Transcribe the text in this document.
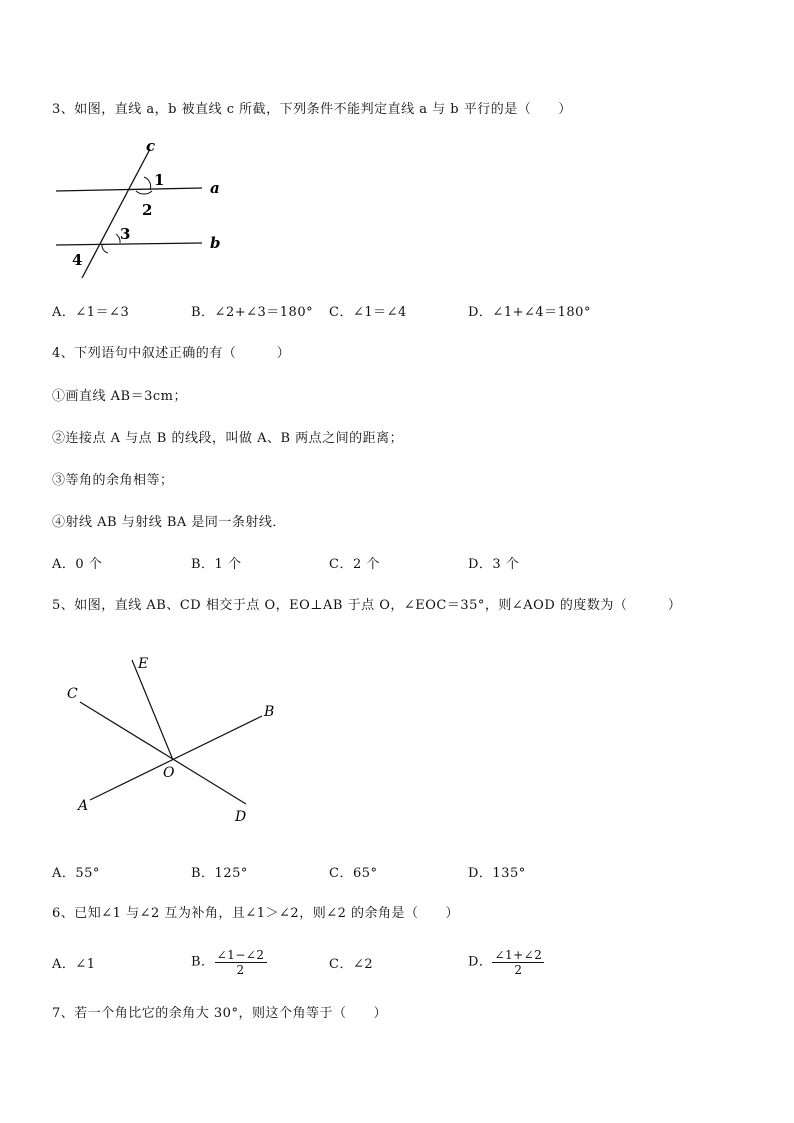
3、如图，直线 a，b 被直线 c 所截，下列条件不能判定直线 a 与 b 平行的是（　　）
c
a
b
1
2
3
4
A．∠1＝∠3	B．∠2+∠3＝180° C．∠1＝∠4	D．∠1+∠4＝180°
4、下列语句中叙述正确的有（　　　）
①画直线 AB＝3cm；
②连接点 A 与点 B 的线段，叫做 A、B 两点之间的距离；
③等角的余角相等；
④射线 AB 与射线 BA 是同一条射线．
A．0 个	B．1 个	C．2 个	D．3 个
5、如图，直线 AB、CD 相交于点 O，EO⊥AB 于点 O，∠EOC＝35°，则∠AOD 的度数为（　　　）
E
C
B
O
A
D
A．55°	B．125°	C．65°	D．135°
6、已知∠1 与∠2 互为补角，且∠1＞∠2，则∠2 的余角是（　　）
A．∠1	B． $\frac{\angle 1-\angle 2}{2}$	C．∠2	D． $\frac{\angle 1+\angle 2}{2}$
7、若一个角比它的余角大 30°，则这个角等于（　　）
